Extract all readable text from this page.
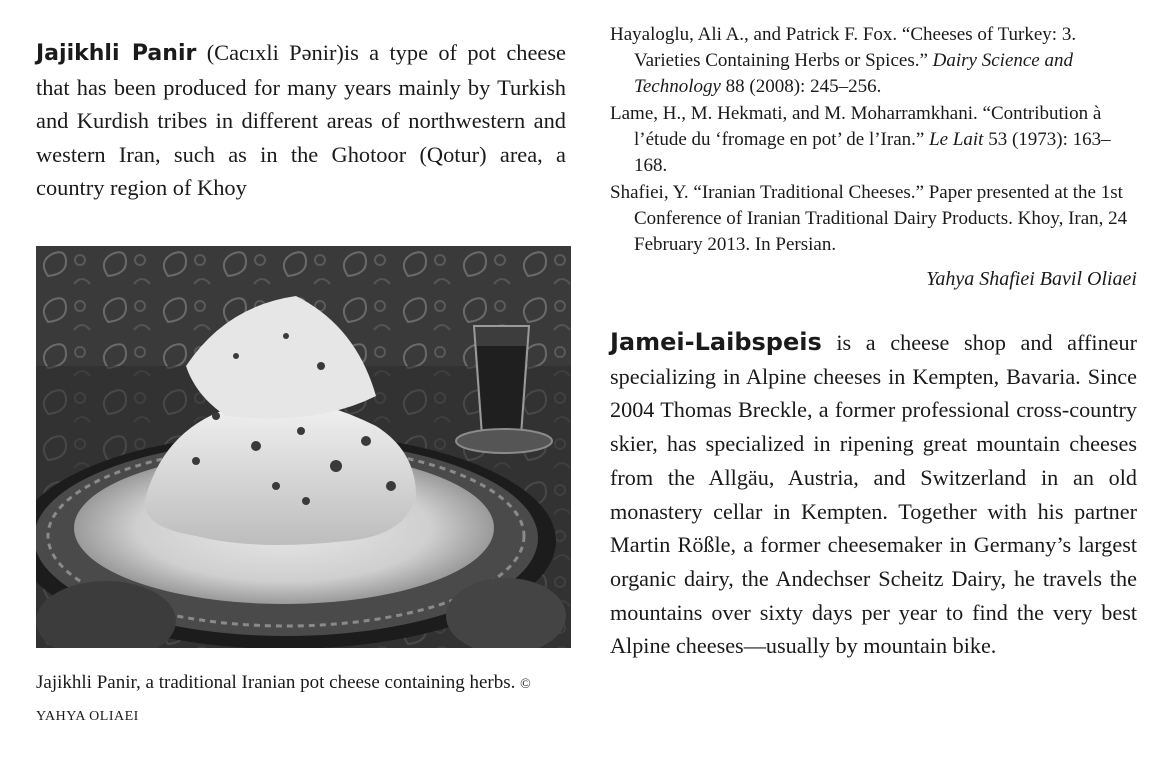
Jajikhli Panir (Cacıxli Pənir)is a type of pot cheese that has been produced for many years mainly by Turkish and Kurdish tribes in different areas of northwestern and western Iran, such as in the Ghotoor (Qotur) area, a country region of Khoy

Jajikhli Panir, a traditional Iranian pot cheese containing herbs. © YAHYA OLIAEI

Hayaloglu, Ali A., and Patrick F. Fox. “Cheeses of Turkey: 3. Varieties Containing Herbs or Spices.” Dairy Science and Technology 88 (2008): 245–256.
Lame, H., M. Hekmati, and M. Moharramkhani. “Contribution à l’étude du ‘fromage en pot’ de l’Iran.” Le Lait 53 (1973): 163–168.
Shafiei, Y. “Iranian Traditional Cheeses.” Paper presented at the 1st Conference of Iranian Traditional Dairy Products. Khoy, Iran, 24 February 2013. In Persian.

Yahya Shafiei Bavil Oliaei

Jamei-Laibspeis is a cheese shop and affineur specializing in Alpine cheeses in Kempten, Bavaria. Since 2004 Thomas Breckle, a former professional cross-country skier, has specialized in ripening great mountain cheeses from the Allgäu, Austria, and Switzerland in an old monastery cellar in Kempten. Together with his partner Martin Rößle, a former cheesemaker in Germany’s largest organic dairy, the Andechser Scheitz Dairy, he travels the mountains over sixty days per year to find the very best Alpine cheeses—usually by mountain bike.
